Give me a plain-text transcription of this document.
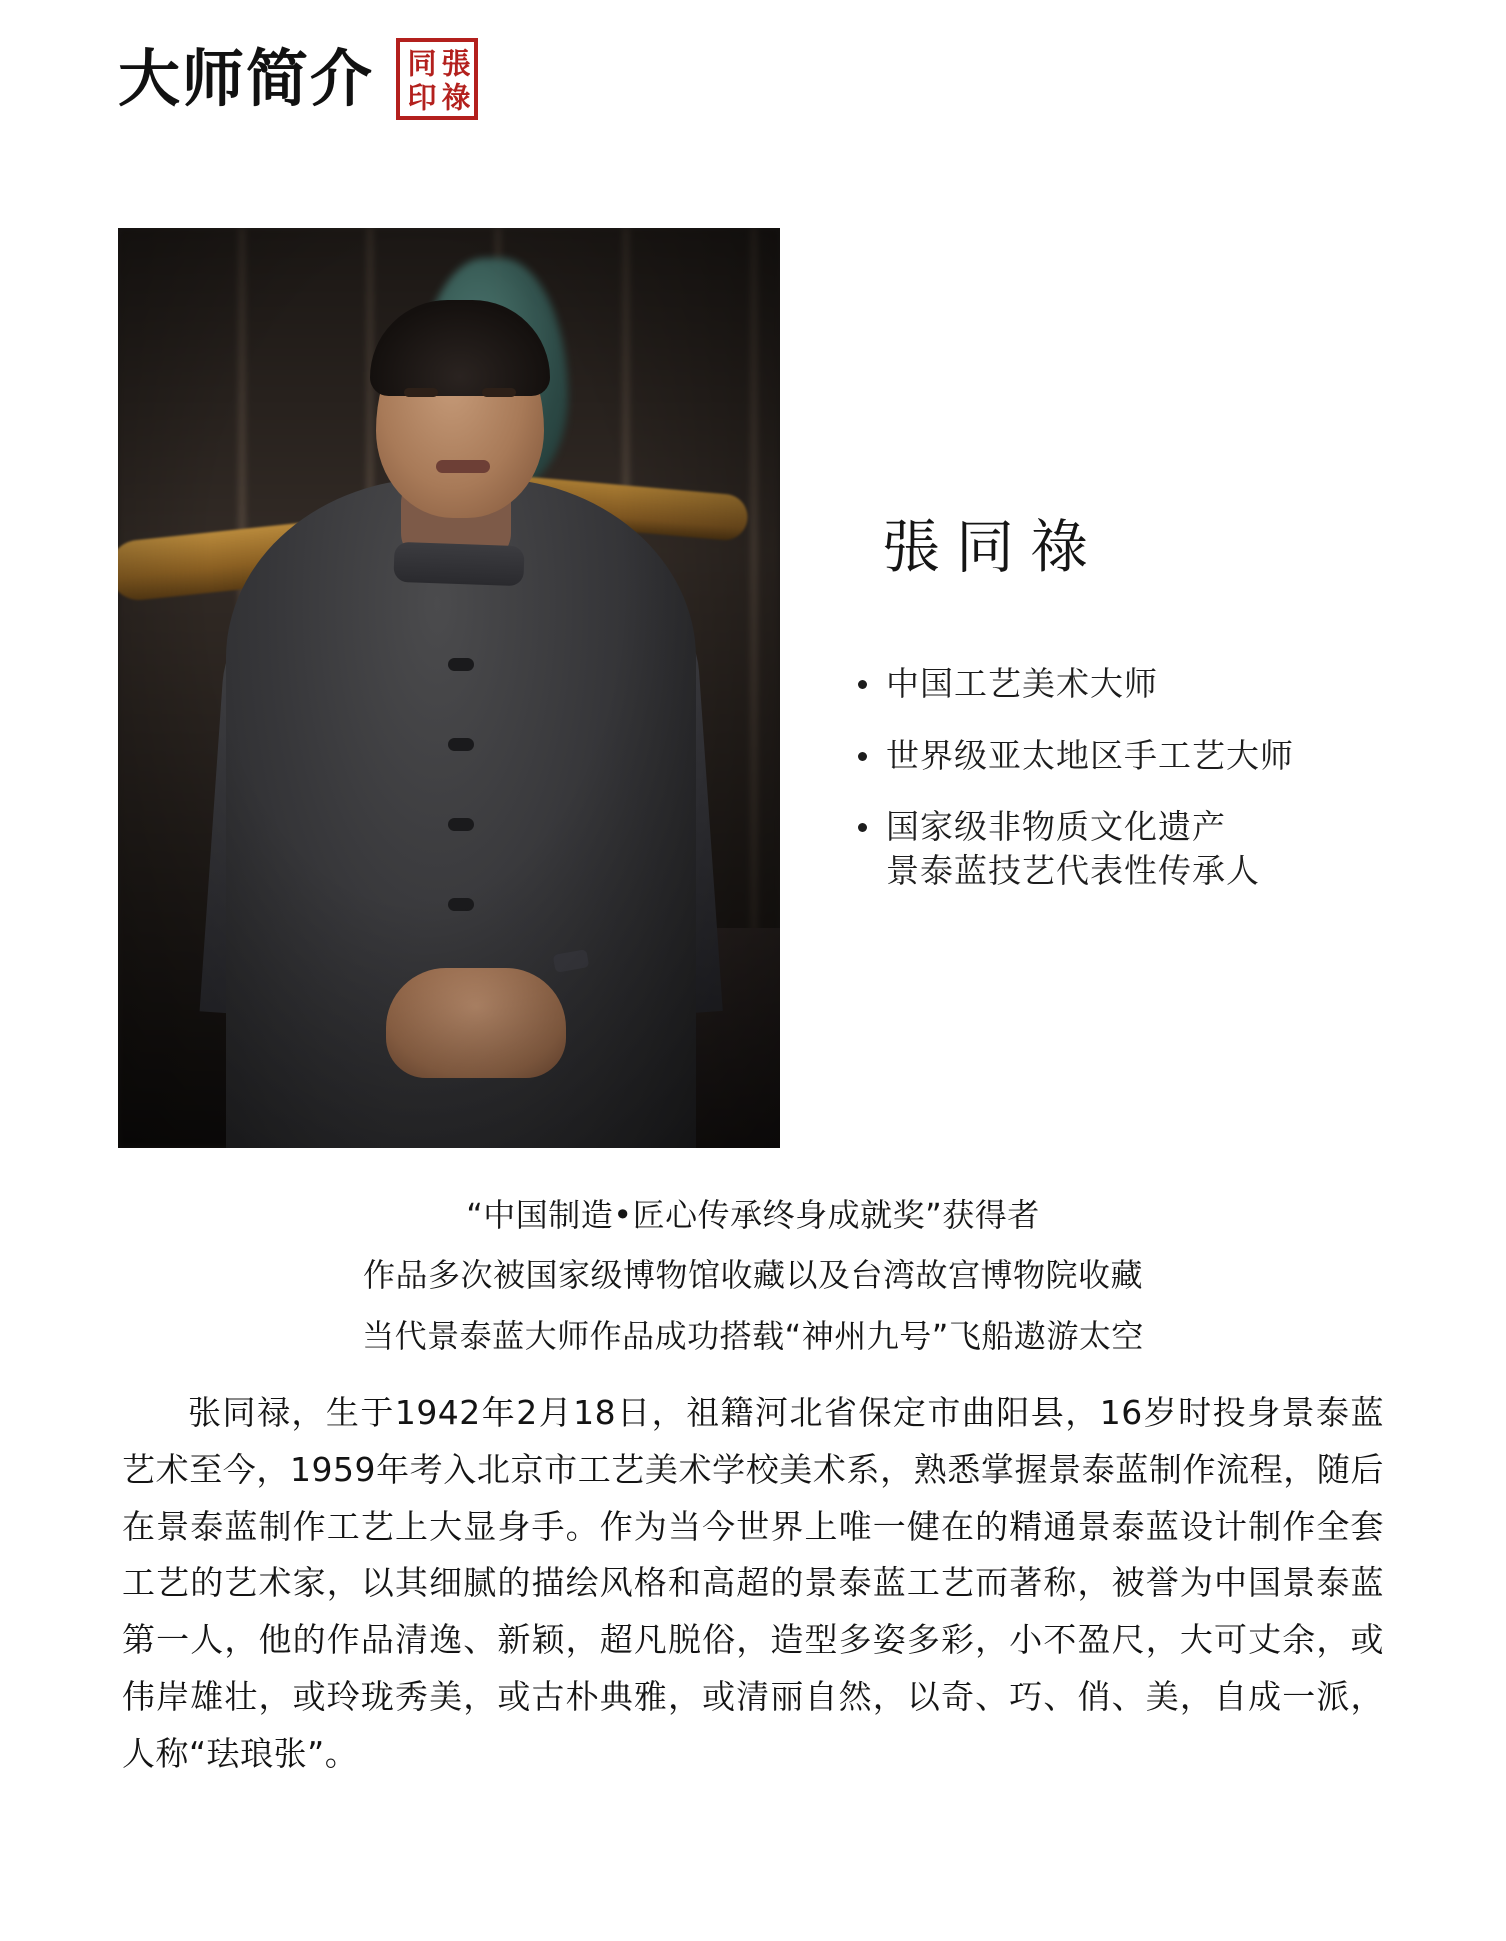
大师简介 張
同
祿
印
張同祿
中国工艺美术大师
世界级亚太地区手工艺大师
国家级非物质文化遗产
景泰蓝技艺代表性传承人

“中国制造•匠心传承终身成就奖”获得者

作品多次被国家级博物馆收藏以及台湾故宫博物院收藏

当代景泰蓝大师作品成功搭载“神州九号”飞船遨游太空

张同禄，生于1942年2月18日，祖籍河北省保定市曲阳县，16岁时投身景泰蓝艺术至今，1959年考入北京市工艺美术学校美术系，熟悉掌握景泰蓝制作流程，随后在景泰蓝制作工艺上大显身手。作为当今世界上唯一健在的精通景泰蓝设计制作全套工艺的艺术家，以其细腻的描绘风格和高超的景泰蓝工艺而著称，被誉为中国景泰蓝第一人，他的作品清逸、新颖，超凡脱俗，造型多姿多彩，小不盈尺，大可丈余，或伟岸雄壮，或玲珑秀美，或古朴典雅，或清丽自然，以奇、巧、俏、美，自成一派，人称“珐琅张”。
